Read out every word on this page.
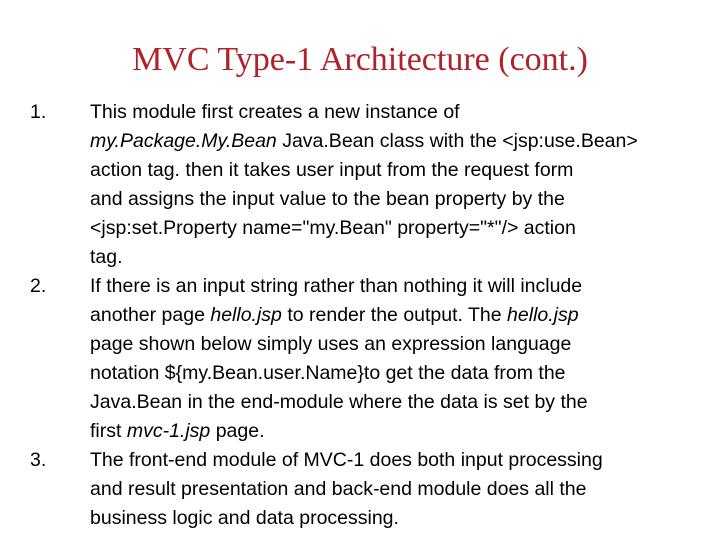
MVC Type-1 Architecture (cont.)
1.	This module first creates a new instance of
my.Package.My.Bean Java.Bean class with the <jsp:use.Bean>
action tag. then it takes user input from the request form
and assigns the input value to the bean property by the
<jsp:set.Property name="my.Bean" property="*"/> action
tag.
2.	If there is an input string rather than nothing it will include
another page hello.jsp to render the output. The hello.jsp
page shown below simply uses an expression language
notation ${my.Bean.user.Name}to get the data from the
Java.Bean in the end-module where the data is set by the
first mvc-1.jsp page.
3.	The front-end module of MVC-1 does both input processing
and result presentation and back-end module does all the
business logic and data processing.
